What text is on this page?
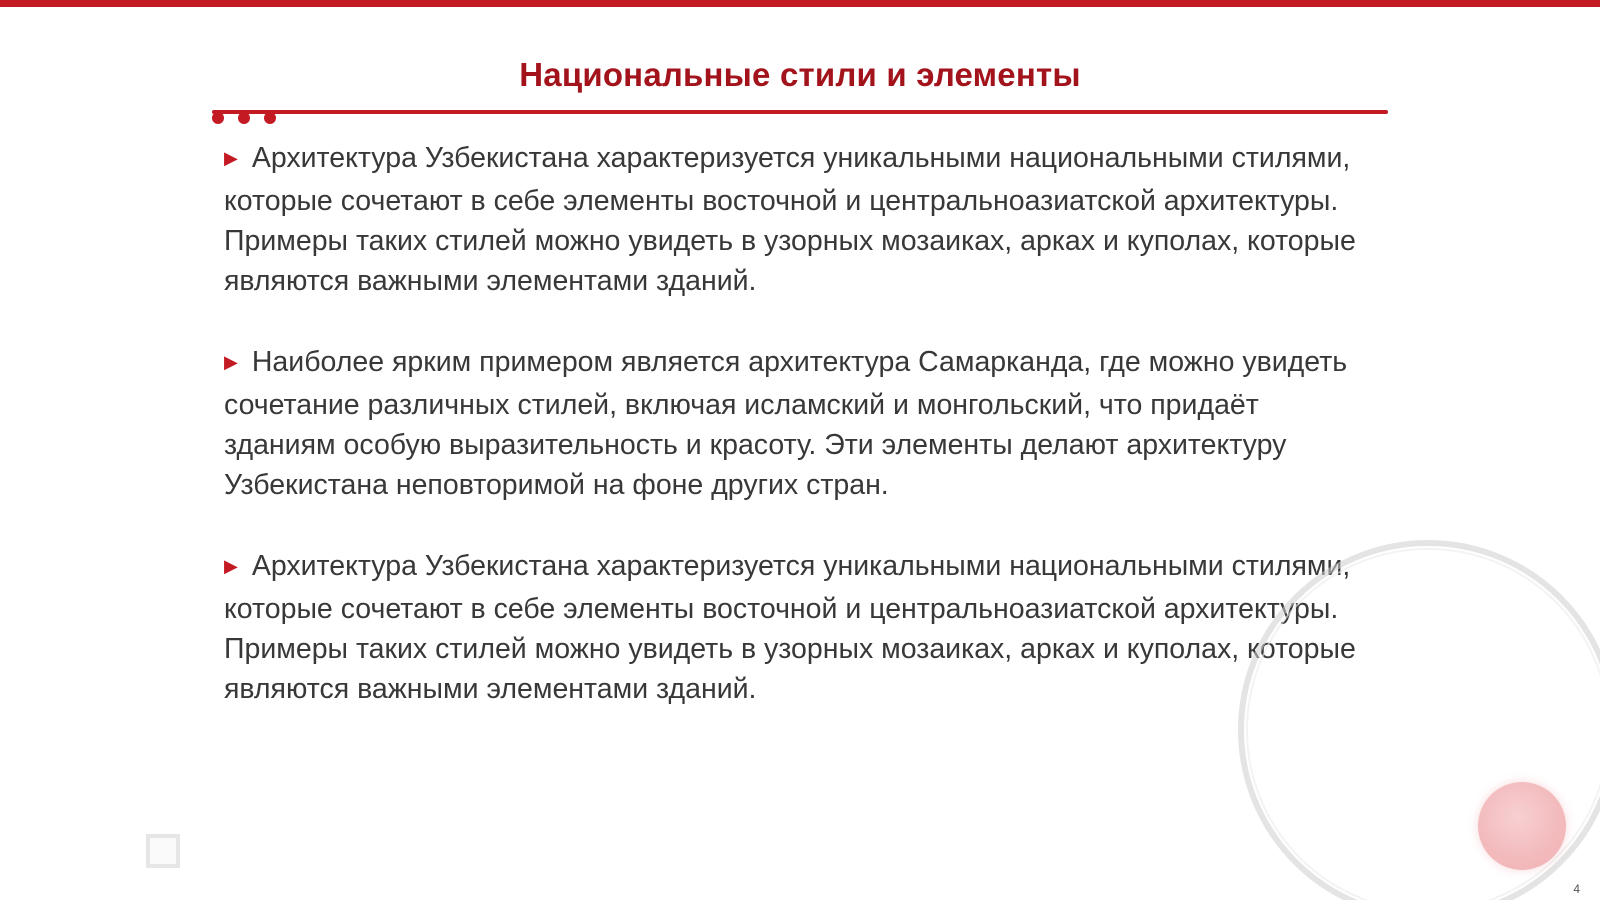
Национальные стили и элементы

▶ Архитектура Узбекистана характеризуется уникальными национальными стилями, которые сочетают в себе элементы восточной и центральноазиатской архитектуры. Примеры таких стилей можно увидеть в узорных мозаиках, арках и куполах, которые являются важными элементами зданий.

▶ Наиболее ярким примером является архитектура Самарканда, где можно увидеть сочетание различных стилей, включая исламский и монгольский, что придаёт зданиям особую выразительность и красоту. Эти элементы делают архитектуру Узбекистана неповторимой на фоне других стран.

▶ Архитектура Узбекистана характеризуется уникальными национальными стилями, которые сочетают в себе элементы восточной и центральноазиатской архитектуры. Примеры таких стилей можно увидеть в узорных мозаиках, арках и куполах, которые являются важными элементами зданий.

4
